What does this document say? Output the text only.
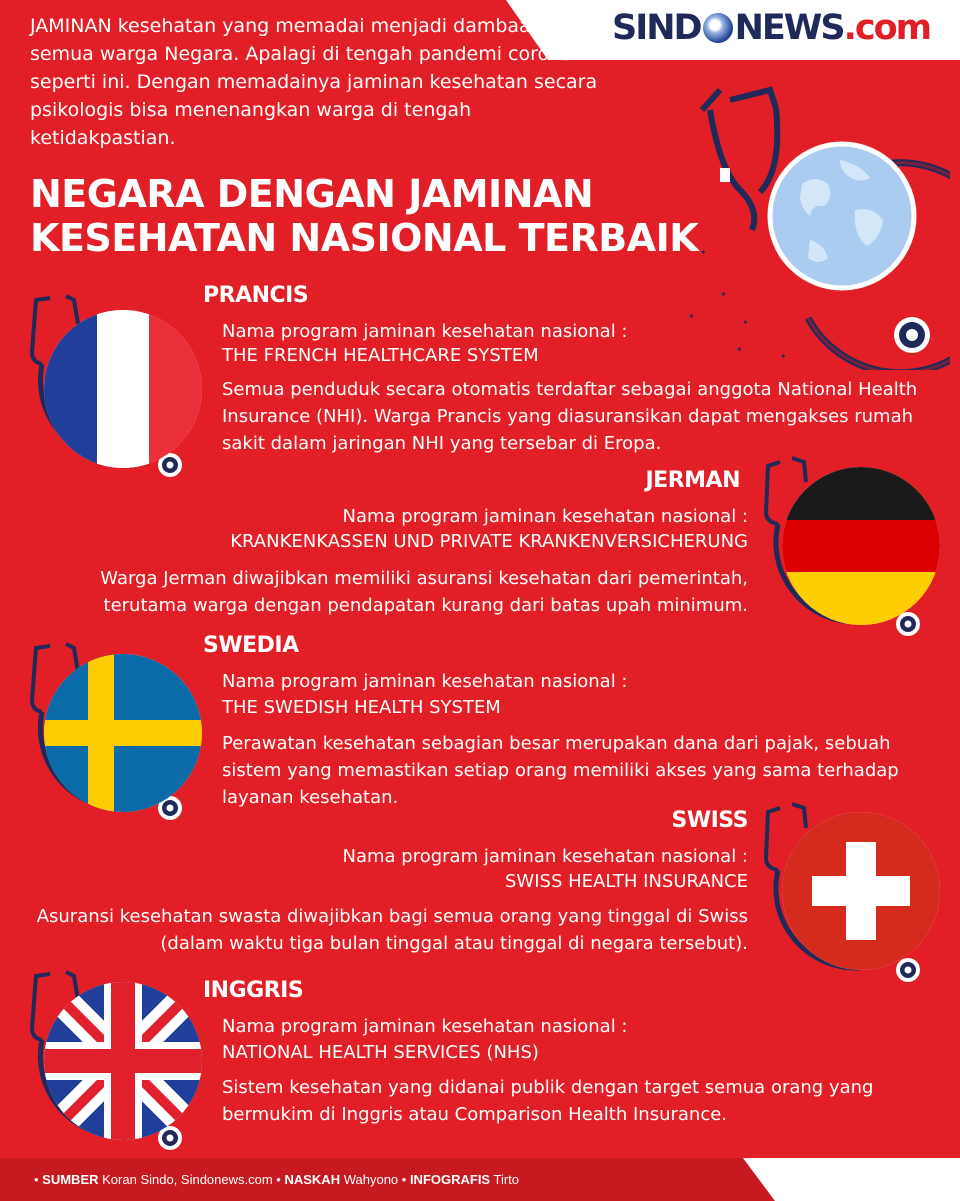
SIND NEWS.com
JAMINAN kesehatan yang memadai menjadi dambaan semua warga Negara. Apalagi di tengah pandemi corona seperti ini. Dengan memadainya jaminan kesehatan secara psikologis bisa menenangkan warga di tengah ketidakpastian.
NEGARA DENGAN JAMINAN
KESEHATAN NASIONAL TERBAIK ✦
✦
✦
✦
✦
✦
PRANCIS
Nama program jaminan kesehatan nasional :
THE FRENCH HEALTHCARE SYSTEM
Semua penduduk secara otomatis terdaftar sebagai anggota National Health Insurance (NHI). Warga Prancis yang diasuransikan dapat mengakses rumah sakit dalam jaringan NHI yang tersebar di Eropa.
JERMAN
Nama program jaminan kesehatan nasional :
KRANKENKASSEN UND PRIVATE KRANKENVERSICHERUNG
Warga Jerman diwajibkan memiliki asuransi kesehatan dari pemerintah, terutama warga dengan pendapatan kurang dari batas upah minimum.
SWEDIA
Nama program jaminan kesehatan nasional :
THE SWEDISH HEALTH SYSTEM
Perawatan kesehatan sebagian besar merupakan dana dari pajak, sebuah sistem yang memastikan setiap orang memiliki akses yang sama terhadap layanan kesehatan.
SWISS
Nama program jaminan kesehatan nasional :
SWISS HEALTH INSURANCE
Asuransi kesehatan swasta diwajibkan bagi semua orang yang tinggal di Swiss (dalam waktu tiga bulan tinggal atau tinggal di negara tersebut).
INGGRIS
Nama program jaminan kesehatan nasional :
NATIONAL HEALTH SERVICES (NHS)
Sistem kesehatan yang didanai publik dengan target semua orang yang bermukim di Inggris atau Comparison Health Insurance.
• SUMBER Koran Sindo, Sindonews.com • NASKAH Wahyono • INFOGRAFIS Tirto
